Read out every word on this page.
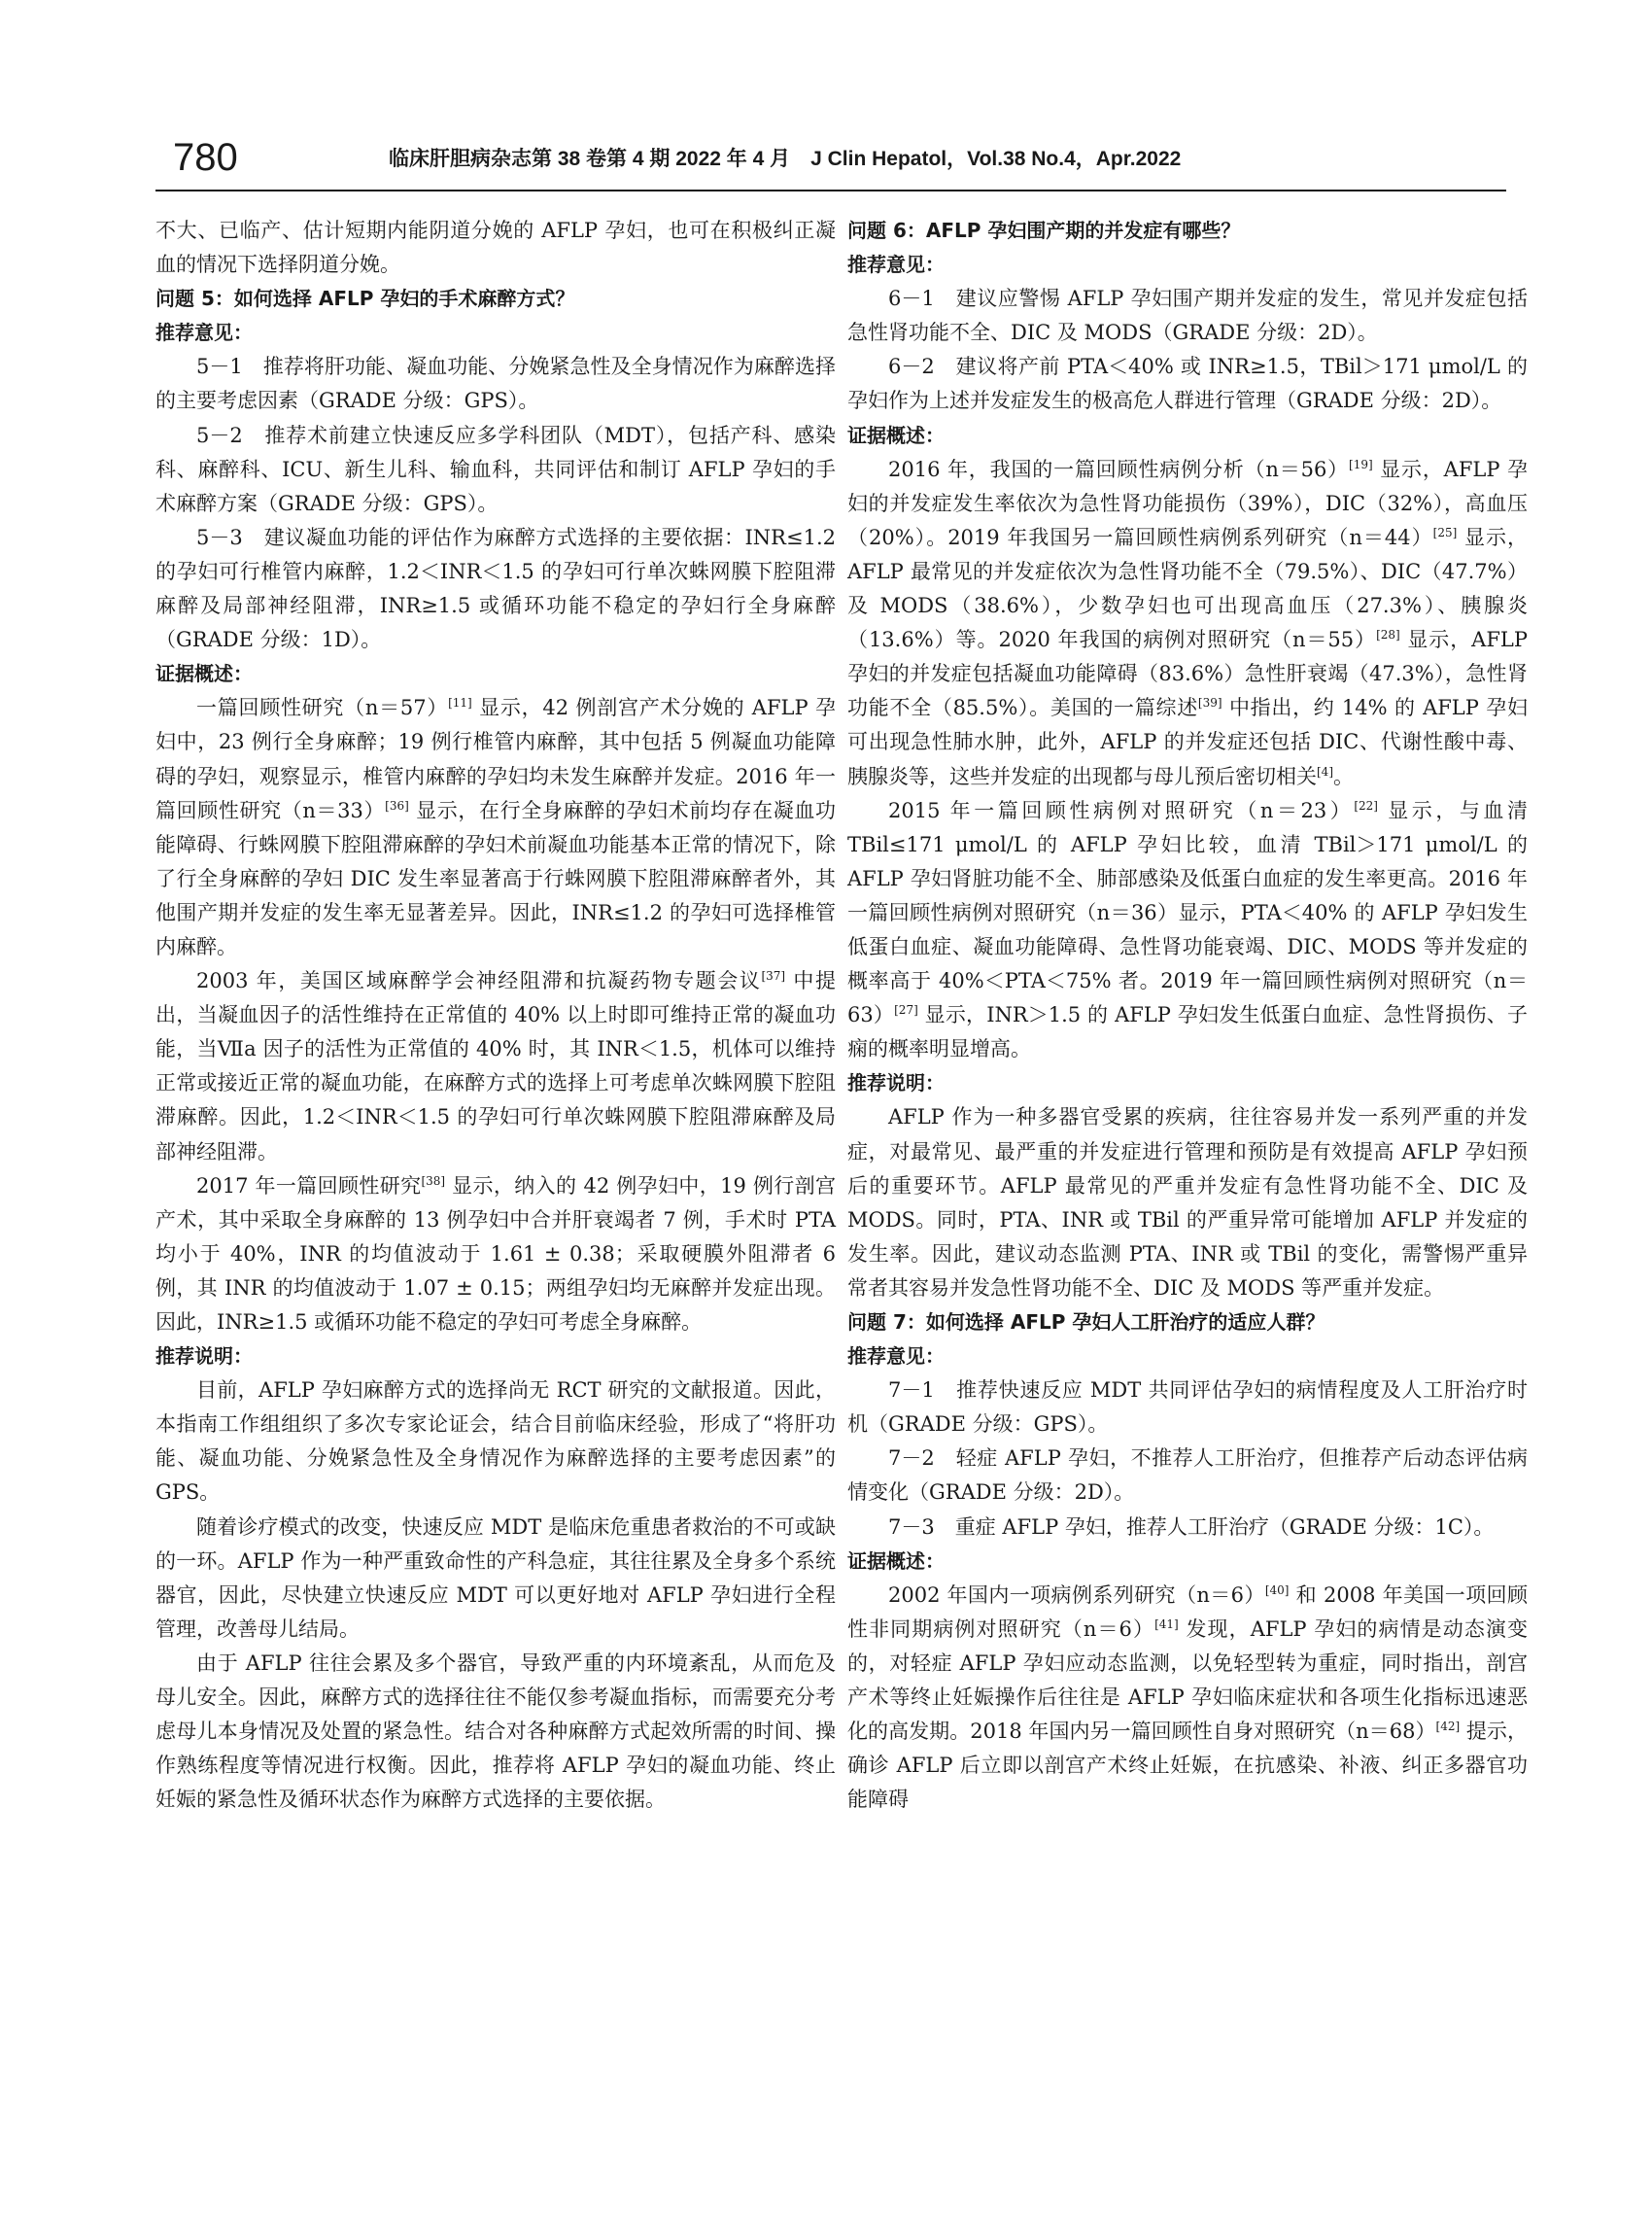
780	临床肝胆病杂志第 38 卷第 4 期 2022 年 4 月　J Clin Hepatol，Vol.38 No.4，Apr.2022

不大、已临产、估计短期内能阴道分娩的 AFLP 孕妇，也可在积极纠正凝血的情况下选择阴道分娩。

问题 5：如何选择 AFLP 孕妇的手术麻醉方式？

推荐意见：

5－1　推荐将肝功能、凝血功能、分娩紧急性及全身情况作为麻醉选择的主要考虑因素（GRADE 分级：GPS）。

5－2　推荐术前建立快速反应多学科团队（MDT），包括产科、感染科、麻醉科、ICU、新生儿科、输血科，共同评估和制订 AFLP 孕妇的手术麻醉方案（GRADE 分级：GPS）。

5－3　建议凝血功能的评估作为麻醉方式选择的主要依据：INR≤1.2 的孕妇可行椎管内麻醉，1.2＜INR＜1.5 的孕妇可行单次蛛网膜下腔阻滞麻醉及局部神经阻滞，INR≥1.5 或循环功能不稳定的孕妇行全身麻醉（GRADE 分级：1D）。

证据概述：

一篇回顾性研究（n＝57）[11] 显示，42 例剖宫产术分娩的 AFLP 孕妇中，23 例行全身麻醉；19 例行椎管内麻醉，其中包括 5 例凝血功能障碍的孕妇，观察显示，椎管内麻醉的孕妇均未发生麻醉并发症。2016 年一篇回顾性研究（n＝33）[36] 显示，在行全身麻醉的孕妇术前均存在凝血功能障碍、行蛛网膜下腔阻滞麻醉的孕妇术前凝血功能基本正常的情况下，除了行全身麻醉的孕妇 DIC 发生率显著高于行蛛网膜下腔阻滞麻醉者外，其他围产期并发症的发生率无显著差异。因此，INR≤1.2 的孕妇可选择椎管内麻醉。

2003 年，美国区域麻醉学会神经阻滞和抗凝药物专题会议[37] 中提出，当凝血因子的活性维持在正常值的 40% 以上时即可维持正常的凝血功能，当Ⅶa 因子的活性为正常值的 40% 时，其 INR＜1.5，机体可以维持正常或接近正常的凝血功能，在麻醉方式的选择上可考虑单次蛛网膜下腔阻滞麻醉。因此，1.2＜INR＜1.5 的孕妇可行单次蛛网膜下腔阻滞麻醉及局部神经阻滞。

2017 年一篇回顾性研究[38] 显示，纳入的 42 例孕妇中，19 例行剖宫产术，其中采取全身麻醉的 13 例孕妇中合并肝衰竭者 7 例，手术时 PTA 均小于 40%，INR 的均值波动于 1.61 ± 0.38；采取硬膜外阻滞者 6 例，其 INR 的均值波动于 1.07 ± 0.15；两组孕妇均无麻醉并发症出现。因此，INR≥1.5 或循环功能不稳定的孕妇可考虑全身麻醉。

推荐说明：

目前，AFLP 孕妇麻醉方式的选择尚无 RCT 研究的文献报道。因此，本指南工作组组织了多次专家论证会，结合目前临床经验，形成了“将肝功能、凝血功能、分娩紧急性及全身情况作为麻醉选择的主要考虑因素”的 GPS。

随着诊疗模式的改变，快速反应 MDT 是临床危重患者救治的不可或缺的一环。AFLP 作为一种严重致命性的产科急症，其往往累及全身多个系统器官，因此，尽快建立快速反应 MDT 可以更好地对 AFLP 孕妇进行全程管理，改善母儿结局。

由于 AFLP 往往会累及多个器官，导致严重的内环境紊乱，从而危及母儿安全。因此，麻醉方式的选择往往不能仅参考凝血指标，而需要充分考虑母儿本身情况及处置的紧急性。结合对各种麻醉方式起效所需的时间、操作熟练程度等情况进行权衡。因此，推荐将 AFLP 孕妇的凝血功能、终止妊娠的紧急性及循环状态作为麻醉方式选择的主要依据。

问题 6：AFLP 孕妇围产期的并发症有哪些？

推荐意见：

6－1　建议应警惕 AFLP 孕妇围产期并发症的发生，常见并发症包括急性肾功能不全、DIC 及 MODS（GRADE 分级：2D）。

6－2　建议将产前 PTA＜40% 或 INR≥1.5，TBil＞171 μmol/L 的孕妇作为上述并发症发生的极高危人群进行管理（GRADE 分级：2D）。

证据概述：

2016 年，我国的一篇回顾性病例分析（n＝56）[19] 显示，AFLP 孕妇的并发症发生率依次为急性肾功能损伤（39%），DIC（32%），高血压（20%）。2019 年我国另一篇回顾性病例系列研究（n＝44）[25] 显示，AFLP 最常见的并发症依次为急性肾功能不全（79.5%）、DIC（47.7%）及 MODS（38.6%），少数孕妇也可出现高血压（27.3%）、胰腺炎（13.6%）等。2020 年我国的病例对照研究（n＝55）[28] 显示，AFLP 孕妇的并发症包括凝血功能障碍（83.6%）急性肝衰竭（47.3%），急性肾功能不全（85.5%）。美国的一篇综述[39] 中指出，约 14% 的 AFLP 孕妇可出现急性肺水肿，此外，AFLP 的并发症还包括 DIC、代谢性酸中毒、胰腺炎等，这些并发症的出现都与母儿预后密切相关[4]。

2015 年一篇回顾性病例对照研究（n＝23）[22] 显示，与血清 TBil≤171 μmol/L 的 AFLP 孕妇比较，血清 TBil＞171 μmol/L 的 AFLP 孕妇肾脏功能不全、肺部感染及低蛋白血症的发生率更高。2016 年一篇回顾性病例对照研究（n＝36）显示，PTA＜40% 的 AFLP 孕妇发生低蛋白血症、凝血功能障碍、急性肾功能衰竭、DIC、MODS 等并发症的概率高于 40%＜PTA＜75% 者。2019 年一篇回顾性病例对照研究（n＝63）[27] 显示，INR＞1.5 的 AFLP 孕妇发生低蛋白血症、急性肾损伤、子痫的概率明显增高。

推荐说明：

AFLP 作为一种多器官受累的疾病，往往容易并发一系列严重的并发症，对最常见、最严重的并发症进行管理和预防是有效提高 AFLP 孕妇预后的重要环节。AFLP 最常见的严重并发症有急性肾功能不全、DIC 及 MODS。同时，PTA、INR 或 TBil 的严重异常可能增加 AFLP 并发症的发生率。因此，建议动态监测 PTA、INR 或 TBil 的变化，需警惕严重异常者其容易并发急性肾功能不全、DIC 及 MODS 等严重并发症。

问题 7：如何选择 AFLP 孕妇人工肝治疗的适应人群？

推荐意见：

7－1　推荐快速反应 MDT 共同评估孕妇的病情程度及人工肝治疗时机（GRADE 分级：GPS）。

7－2　轻症 AFLP 孕妇，不推荐人工肝治疗，但推荐产后动态评估病情变化（GRADE 分级：2D）。

7－3　重症 AFLP 孕妇，推荐人工肝治疗（GRADE 分级：1C）。

证据概述：

2002 年国内一项病例系列研究（n＝6）[40] 和 2008 年美国一项回顾性非同期病例对照研究（n＝6）[41] 发现，AFLP 孕妇的病情是动态演变的，对轻症 AFLP 孕妇应动态监测，以免轻型转为重症，同时指出，剖宫产术等终止妊娠操作后往往是 AFLP 孕妇临床症状和各项生化指标迅速恶化的高发期。2018 年国内另一篇回顾性自身对照研究（n＝68）[42] 提示，确诊 AFLP 后立即以剖宫产术终止妊娠，在抗感染、补液、纠正多器官功能障碍
